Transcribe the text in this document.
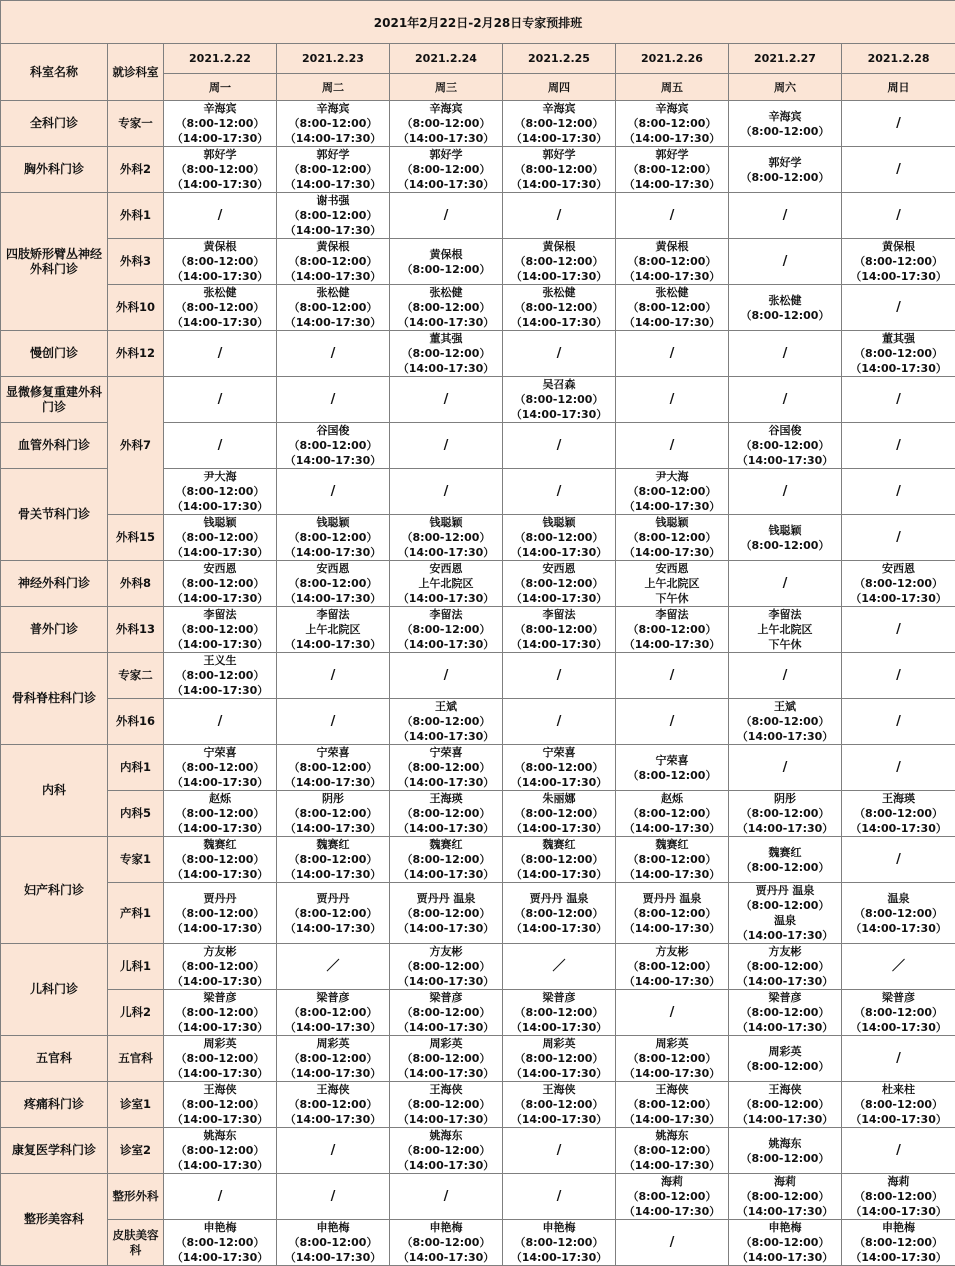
2021年2月22日-2月28日专家预排班								
科室名称	就诊科室	2021.2.22	2021.2.23	2021.2.24	2021.2.25	2021.2.26	2021.2.27	2021.2.28
		周一	周二	周三	周四	周五	周六	周日
全科门诊	专家一	辛海宾
（8:00-12:00）
（14:00-17:30）	辛海宾
（8:00-12:00）
（14:00-17:30）	辛海宾
（8:00-12:00）
（14:00-17:30）	辛海宾
（8:00-12:00）
（14:00-17:30）	辛海宾
（8:00-12:00）
（14:00-17:30）	辛海宾
（8:00-12:00）	/

胸外科门诊	外科2	郭好学
（8:00-12:00）
（14:00-17:30）	郭好学
（8:00-12:00）
（14:00-17:30）	郭好学
（8:00-12:00）
（14:00-17:30）	郭好学
（8:00-12:00）
（14:00-17:30）	郭好学
（8:00-12:00）
（14:00-17:30）	郭好学
（8:00-12:00）	/

四肢矫形臂丛神经外科门诊	外科1	/	谢书强
（8:00-12:00）
（14:00-17:30）	/	/	/	/	/

	外科3	黄保根
（8:00-12:00）
（14:00-17:30）	黄保根
（8:00-12:00）
（14:00-17:30）	黄保根
（8:00-12:00）	黄保根
（8:00-12:00）
（14:00-17:30）	黄保根
（8:00-12:00）
（14:00-17:30）	/	黄保根
（8:00-12:00）
（14:00-17:30）

	外科10	张松健
（8:00-12:00）
（14:00-17:30）	张松健
（8:00-12:00）
（14:00-17:30）	张松健
（8:00-12:00）
（14:00-17:30）	张松健
（8:00-12:00）
（14:00-17:30）	张松健
（8:00-12:00）
（14:00-17:30）	张松健
（8:00-12:00）	/

慢创门诊	外科12	/	/	董其强
（8:00-12:00）
（14:00-17:30）	/	/	/	董其强
（8:00-12:00）
（14:00-17:30）

显微修复重建外科门诊	外科7	/	/	/	吴召森
（8:00-12:00）
（14:00-17:30）	/	/	/

血管外科门诊		/	谷国俊
（8:00-12:00）
（14:00-17:30）	/	/	/	谷国俊
（8:00-12:00）
（14:00-17:30）	/

骨关节科门诊		尹大海
（8:00-12:00）
（14:00-17:30）	/	/	/	尹大海
（8:00-12:00）
（14:00-17:30）	/	/

	外科15	钱聪颖
（8:00-12:00）
（14:00-17:30）	钱聪颖
（8:00-12:00）
（14:00-17:30）	钱聪颖
（8:00-12:00）
（14:00-17:30）	钱聪颖
（8:00-12:00）
（14:00-17:30）	钱聪颖
（8:00-12:00）
（14:00-17:30）	钱聪颖
（8:00-12:00）	/

神经外科门诊	外科8	安西恩
（8:00-12:00）
（14:00-17:30）	安西恩
（8:00-12:00）
（14:00-17:30）	安西恩
上午北院区
（14:00-17:30）	安西恩
（8:00-12:00）
（14:00-17:30）	安西恩
上午北院区
下午休	/	安西恩
（8:00-12:00）
（14:00-17:30）

普外门诊	外科13	李留法
（8:00-12:00）
（14:00-17:30）	李留法
上午北院区
（14:00-17:30）	李留法
（8:00-12:00）
（14:00-17:30）	李留法
（8:00-12:00）
（14:00-17:30）	李留法
（8:00-12:00）
（14:00-17:30）	李留法
上午北院区
下午休	/

骨科脊柱科门诊	专家二	王义生
（8:00-12:00）
（14:00-17:30）	/	/	/	/	/	/

	外科16	/	/	王斌
（8:00-12:00）
（14:00-17:30）	/	/	王斌
（8:00-12:00）
（14:00-17:30）	/

内科	内科1	宁荣喜
（8:00-12:00）
（14:00-17:30）	宁荣喜
（8:00-12:00）
（14:00-17:30）	宁荣喜
（8:00-12:00）
（14:00-17:30）	宁荣喜
（8:00-12:00）
（14:00-17:30）	宁荣喜
（8:00-12:00）	/	/

	内科5	赵烁
（8:00-12:00）
（14:00-17:30）	阴彤
（8:00-12:00）
（14:00-17:30）	王海瑛
（8:00-12:00）
（14:00-17:30）	朱丽娜
（8:00-12:00）
（14:00-17:30）	赵烁
（8:00-12:00）
（14:00-17:30）	阴彤
（8:00-12:00）
（14:00-17:30）	王海瑛
（8:00-12:00）
（14:00-17:30）

妇产科门诊	专家1	魏赛红
（8:00-12:00）
（14:00-17:30）	魏赛红
（8:00-12:00）
（14:00-17:30）	魏赛红
（8:00-12:00）
（14:00-17:30）	魏赛红
（8:00-12:00）
（14:00-17:30）	魏赛红
（8:00-12:00）
（14:00-17:30）	魏赛红
（8:00-12:00）	/

	产科1	贾丹丹
（8:00-12:00）
（14:00-17:30）	贾丹丹
（8:00-12:00）
（14:00-17:30）	贾丹丹 温泉
（8:00-12:00）
（14:00-17:30）	贾丹丹 温泉
（8:00-12:00）
（14:00-17:30）	贾丹丹 温泉
（8:00-12:00）
（14:00-17:30）	贾丹丹 温泉
（8:00-12:00）
温泉
（14:00-17:30）	温泉
（8:00-12:00）
（14:00-17:30）

儿科门诊	儿科1	方友彬
（8:00-12:00）
（14:00-17:30）	／	方友彬
（8:00-12:00）
（14:00-17:30）	／	方友彬
（8:00-12:00）
（14:00-17:30）	方友彬
（8:00-12:00）
（14:00-17:30）	／

	儿科2	梁普彦
（8:00-12:00）
（14:00-17:30）	梁普彦
（8:00-12:00）
（14:00-17:30）	梁普彦
（8:00-12:00）
（14:00-17:30）	梁普彦
（8:00-12:00）
（14:00-17:30）	/	梁普彦
（8:00-12:00）
（14:00-17:30）	梁普彦
（8:00-12:00）
（14:00-17:30）

五官科	五官科	周彩英
（8:00-12:00）
（14:00-17:30）	周彩英
（8:00-12:00）
（14:00-17:30）	周彩英
（8:00-12:00）
（14:00-17:30）	周彩英
（8:00-12:00）
（14:00-17:30）	周彩英
（8:00-12:00）
（14:00-17:30）	周彩英
（8:00-12:00）	/

疼痛科门诊	诊室1	王海侠
（8:00-12:00）
（14:00-17:30）	王海侠
（8:00-12:00）
（14:00-17:30）	王海侠
（8:00-12:00）
（14:00-17:30）	王海侠
（8:00-12:00）
（14:00-17:30）	王海侠
（8:00-12:00）
（14:00-17:30）	王海侠
（8:00-12:00）
（14:00-17:30）	杜来柱
（8:00-12:00）
（14:00-17:30）

康复医学科门诊	诊室2	姚海东
（8:00-12:00）
（14:00-17:30）	/	姚海东
（8:00-12:00）
（14:00-17:30）	/	姚海东
（8:00-12:00）
（14:00-17:30）	姚海东
（8:00-12:00）	/

整形美容科	整形外科	/	/	/	/	海莉
（8:00-12:00）
（14:00-17:30）	海莉
（8:00-12:00）
（14:00-17:30）	海莉
（8:00-12:00）
（14:00-17:30）

	皮肤美容科	申艳梅
（8:00-12:00）
（14:00-17:30）	申艳梅
（8:00-12:00）
（14:00-17:30）	申艳梅
（8:00-12:00）
（14:00-17:30）	申艳梅
（8:00-12:00）
（14:00-17:30）	/	申艳梅
（8:00-12:00）
（14:00-17:30）	申艳梅
（8:00-12:00）
（14:00-17:30）
